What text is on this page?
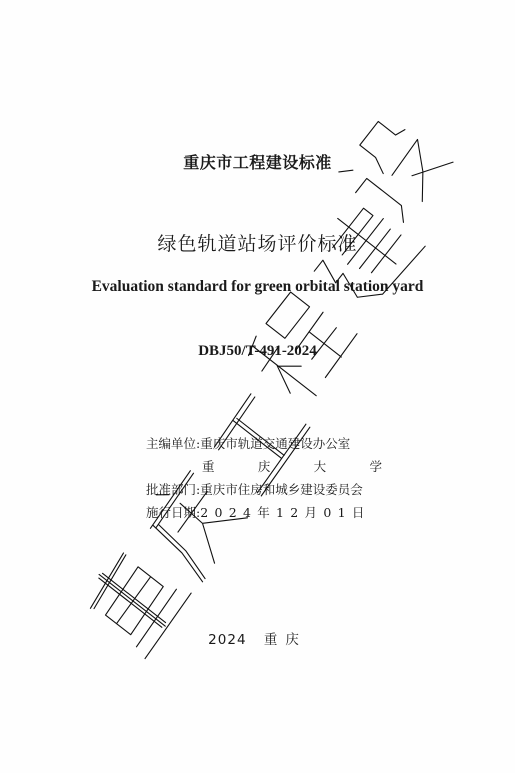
重庆市工程建设标准
绿色轨道站场评价标准
Evaluation standard for green orbital station yard
DBJ50/T-491-2024
主编单位: 重庆市轨道交通建设办公室
重	庆	大	学
批准部门: 重庆市住房和城乡建设委员会
施行日期: 2024年12月01日
2024 重庆
